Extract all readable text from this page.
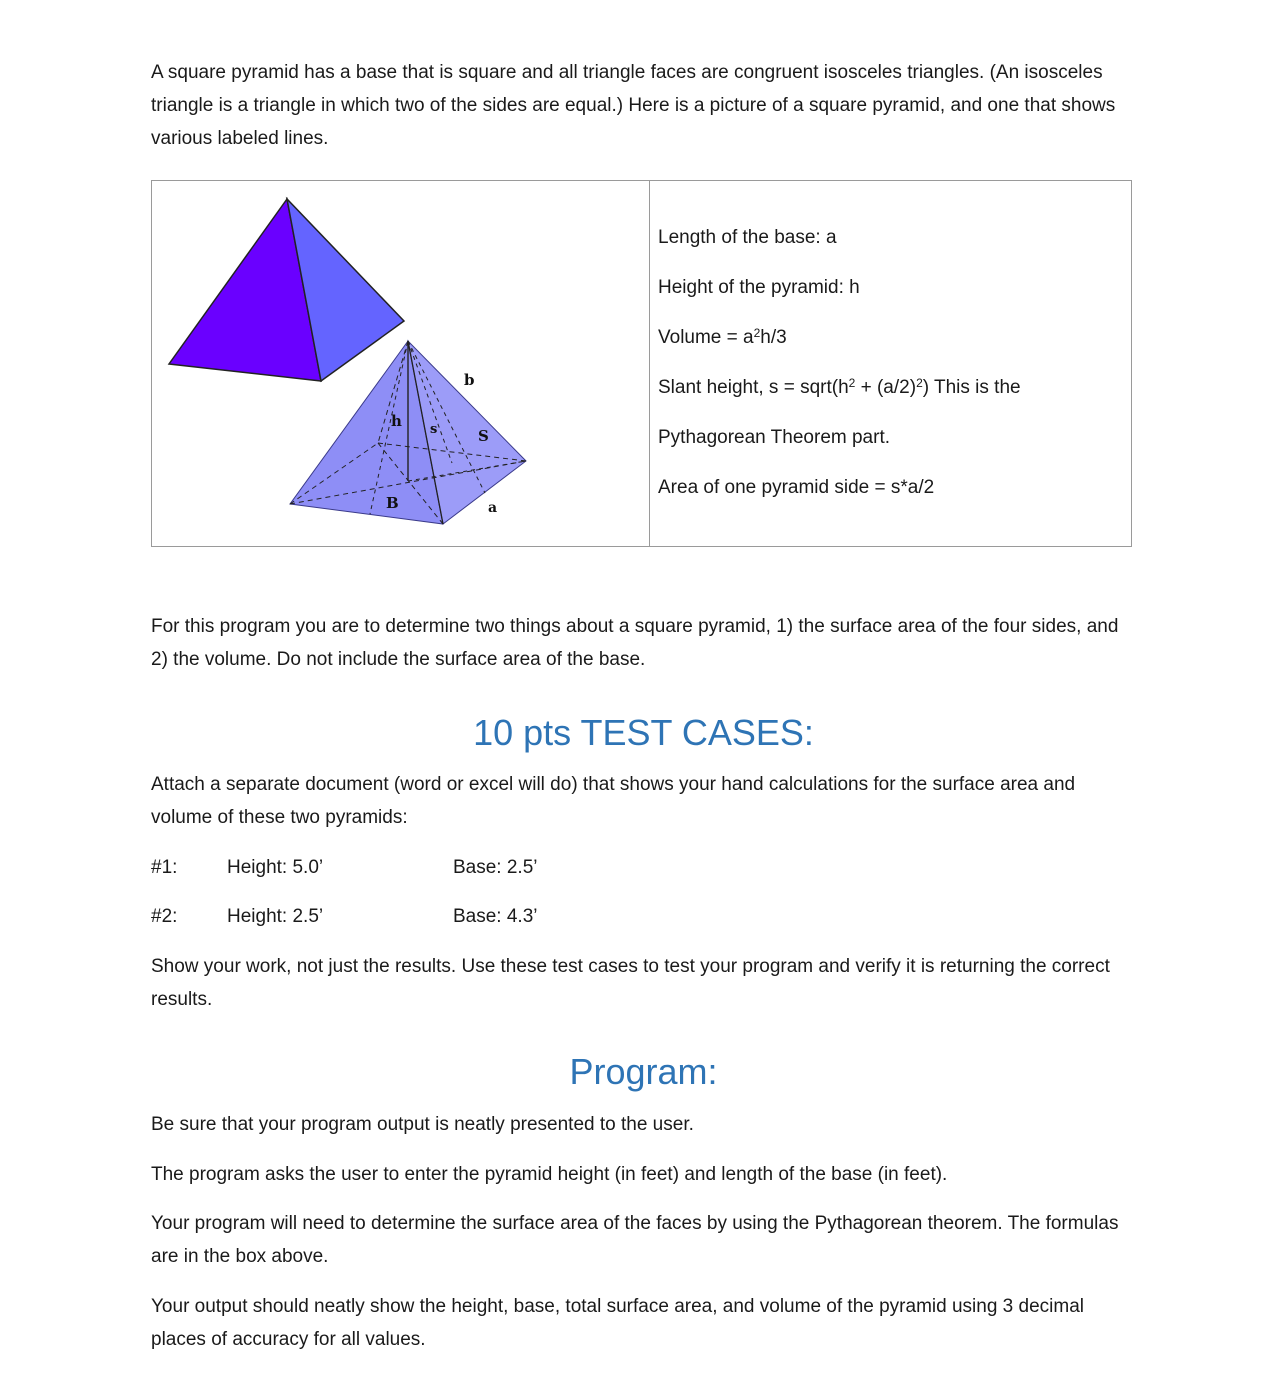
A square pyramid has a base that is square and all triangle faces are congruent isosceles triangles. (An isosceles triangle is a triangle in which two of the sides are equal.) Here is a picture of a square pyramid, and one that shows various labeled lines.

b
h s	S
B	a

Length of the base: a

Height of the pyramid: h

Volume = $a^2h/3$

Slant height, $s = sqrt(h^2 + (a/2)^2)$ This is the

Pythagorean Theorem part.

Area of one pyramid side = s*a/2

For this program you are to determine two things about a square pyramid, 1) the surface area of the four sides, and 2) the volume. Do not include the surface area of the base.

10 pts TEST CASES:

Attach a separate document (word or excel will do) that shows your hand calculations for the surface area and volume of these two pyramids:

#1:	Height: 5.0’	Base: 2.5’
#2:	Height: 2.5’	Base: 4.3’

Show your work, not just the results. Use these test cases to test your program and verify it is returning the correct results.

Program:

Be sure that your program output is neatly presented to the user.

The program asks the user to enter the pyramid height (in feet) and length of the base (in feet).

Your program will need to determine the surface area of the faces by using the Pythagorean theorem. The formulas are in the box above.

Your output should neatly show the height, base, total surface area, and volume of the pyramid using 3 decimal places of accuracy for all values.
